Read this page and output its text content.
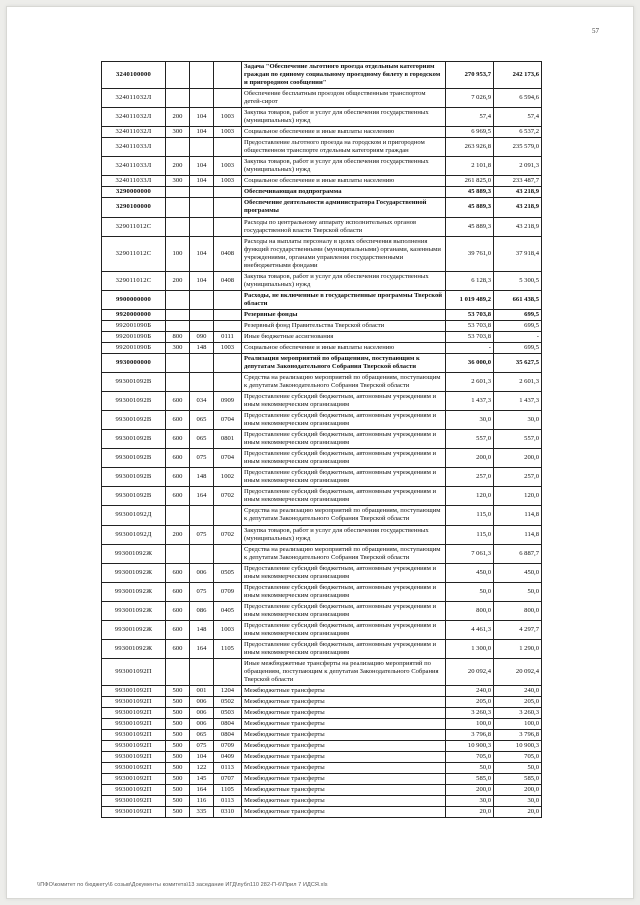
57
3240100000				Задача "Обеспечение льготного проезда отдельным категориям граждан по единому социальному проездному билету в городском и пригородном сообщении"	270 953,7	242 173,6
324011032Л				Обеспечение бесплатным проездом общественным транспортом детей-сирот	7 026,9	6 594,6
324011032Л	200	104	1003	Закупка товаров, работ и услуг для обеспечения государственных (муниципальных) нужд	57,4	57,4
324011032Л	300	104	1003	Социальное обеспечение и иные выплаты населению	6 969,5	6 537,2
324011033Л				Предоставление льготного проезда на городском и пригородном общественном транспорте отдельным категориям граждан	263 926,8	235 579,0
324011033Л	200	104	1003	Закупка товаров, работ и услуг для обеспечения государственных (муниципальных) нужд	2 101,8	2 091,3
324011033Л	300	104	1003	Социальное обеспечение и иные выплаты населению	261 825,0	233 487,7
3290000000				Обеспечивающая подпрограмма	45 889,3	43 218,9
3290100000				Обеспечение деятельности администратора Государственной программы	45 889,3	43 218,9
329011012С				Расходы по центральному аппарату исполнительных органов государственной власти Тверской области	45 889,3	43 218,9
329011012С	100	104	0408	Расходы на выплаты персоналу в целях обеспечения выполнения функций государственными (муниципальными) органами, казенными учреждениями, органами управления государственными внебюджетными фондами	39 761,0	37 918,4
329011012С	200	104	0408	Закупка товаров, работ и услуг для обеспечения государственных (муниципальных) нужд	6 128,3	5 300,5
9900000000				Расходы, не включенные в государственные программы Тверской области	1 019 489,2	661 438,5
9920000000				Резервные фонды	53 703,8	699,5
992001090Б				Резервный фонд Правительства Тверской области	53 703,8	699,5
992001090Б	800	090	0111	Иные бюджетные ассигнования	53 703,8	-
992001090Б	300	148	1003	Социальное обеспечение и иные выплаты населению	-	699,5
9930000000				Реализация мероприятий по обращениям, поступающим к депутатам Законодательного Собрания Тверской области	36 000,0	35 627,5
993001092В				Средства на реализацию мероприятий по обращениям, поступающим к депутатам Законодательного Собрания Тверской области	2 601,3	2 601,3
993001092В	600	034	0909	Предоставление субсидий бюджетным, автономным учреждениям и иным некоммерческим организациям	1 437,3	1 437,3
993001092В	600	065	0704	Предоставление субсидий бюджетным, автономным учреждениям и иным некоммерческим организациям	30,0	30,0
993001092В	600	065	0801	Предоставление субсидий бюджетным, автономным учреждениям и иным некоммерческим организациям	557,0	557,0
993001092В	600	075	0704	Предоставление субсидий бюджетным, автономным учреждениям и иным некоммерческим организациям	200,0	200,0
993001092В	600	148	1002	Предоставление субсидий бюджетным, автономным учреждениям и иным некоммерческим организациям	257,0	257,0
993001092В	600	164	0702	Предоставление субсидий бюджетным, автономным учреждениям и иным некоммерческим организациям	120,0	120,0
993001092Д				Средства на реализацию мероприятий по обращениям, поступающим к депутатам Законодательного Собрания Тверской области	115,0	114,8
993001092Д	200	075	0702	Закупка товаров, работ и услуг для обеспечения государственных (муниципальных) нужд	115,0	114,8
993001092Ж				Средства на реализацию мероприятий по обращениям, поступающим к депутатам Законодательного Собрания Тверской области	7 061,3	6 887,7
993001092Ж	600	006	0505	Предоставление субсидий бюджетным, автономным учреждениям и иным некоммерческим организациям	450,0	450,0
993001092Ж	600	075	0709	Предоставление субсидий бюджетным, автономным учреждениям и иным некоммерческим организациям	50,0	50,0
993001092Ж	600	086	0405	Предоставление субсидий бюджетным, автономным учреждениям и иным некоммерческим организациям	800,0	800,0
993001092Ж	600	148	1003	Предоставление субсидий бюджетным, автономным учреждениям и иным некоммерческим организациям	4 461,3	4 297,7
993001092Ж	600	164	1105	Предоставление субсидий бюджетным, автономным учреждениям и иным некоммерческим организациям	1 300,0	1 290,0
993001092П				Иные межбюджетные трансферты на реализацию мероприятий по обращениям, поступающим к депутатам Законодательного Собрания Тверской области	20 092,4	20 092,4
993001092П	500	001	1204	Межбюджетные трансферты	240,0	240,0
993001092П	500	006	0502	Межбюджетные трансферты	205,0	205,0
993001092П	500	006	0503	Межбюджетные трансферты	3 260,3	3 260,3
993001092П	500	006	0804	Межбюджетные трансферты	100,0	100,0
993001092П	500	065	0804	Межбюджетные трансферты	3 796,8	3 796,8
993001092П	500	075	0709	Межбюджетные трансферты	10 900,3	10 900,3
993001092П	500	104	0409	Межбюджетные трансферты	705,0	705,0
993001092П	500	122	0113	Межбюджетные трансферты	50,0	50,0
993001092П	500	145	0707	Межбюджетные трансферты	585,0	585,0
993001092П	500	164	1105	Межбюджетные трансферты	200,0	200,0
993001092П	500	116	0113	Межбюджетные трансферты	30,0	30,0
993001092П	500	335	0310	Межбюджетные трансферты	20,0	20,0
\\ПФО\комитет по бюджету\6 созыв\Документы комитета\13 заседание ИГД\публ110 282-П-6\Прил 7 ИДСЯ.xls
